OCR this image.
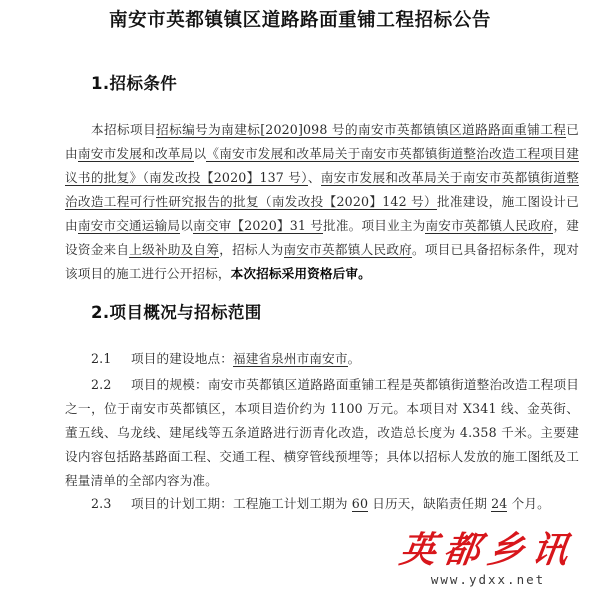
南安市英都镇镇区道路路面重铺工程招标公告
1.招标条件
本招标项目招标编号为南建标[2020]098 号的南安市英都镇镇区道路路面重铺工程已由南安市发展和改革局以《南安市发展和改革局关于南安市英都镇街道整治改造工程项目建议书的批复》（南发改投【2020】137 号）、南安市发展和改革局关于南安市英都镇街道整治改造工程可行性研究报告的批复（南发改投【2020】142 号）批准建设，施工图设计已由南安市交通运输局以南交审【2020】31 号批准。项目业主为南安市英都镇人民政府，建设资金来自上级补助及自筹，招标人为南安市英都镇人民政府。项目已具备招标条件，现对该项目的施工进行公开招标，本次招标采用资格后审。
2.项目概况与招标范围
2.1 项目的建设地点：福建省泉州市南安市。
2.2 项目的规模：南安市英都镇区道路路面重铺工程是英都镇街道整治改造工程项目之一，位于南安市英都镇区，本项目造价约为 1100 万元。本项目对 X341 线、金英街、董五线、乌龙线、建尾线等五条道路进行沥青化改造，改造总长度为 4.358 千米。主要建设内容包括路基路面工程、交通工程、横穿管线预埋等；具体以招标人发放的施工图纸及工程量清单的全部内容为准。
2.3 项目的计划工期：工程施工计划工期为 60 日历天，缺陷责任期 24 个月。
英都乡讯
www.ydxx.net
